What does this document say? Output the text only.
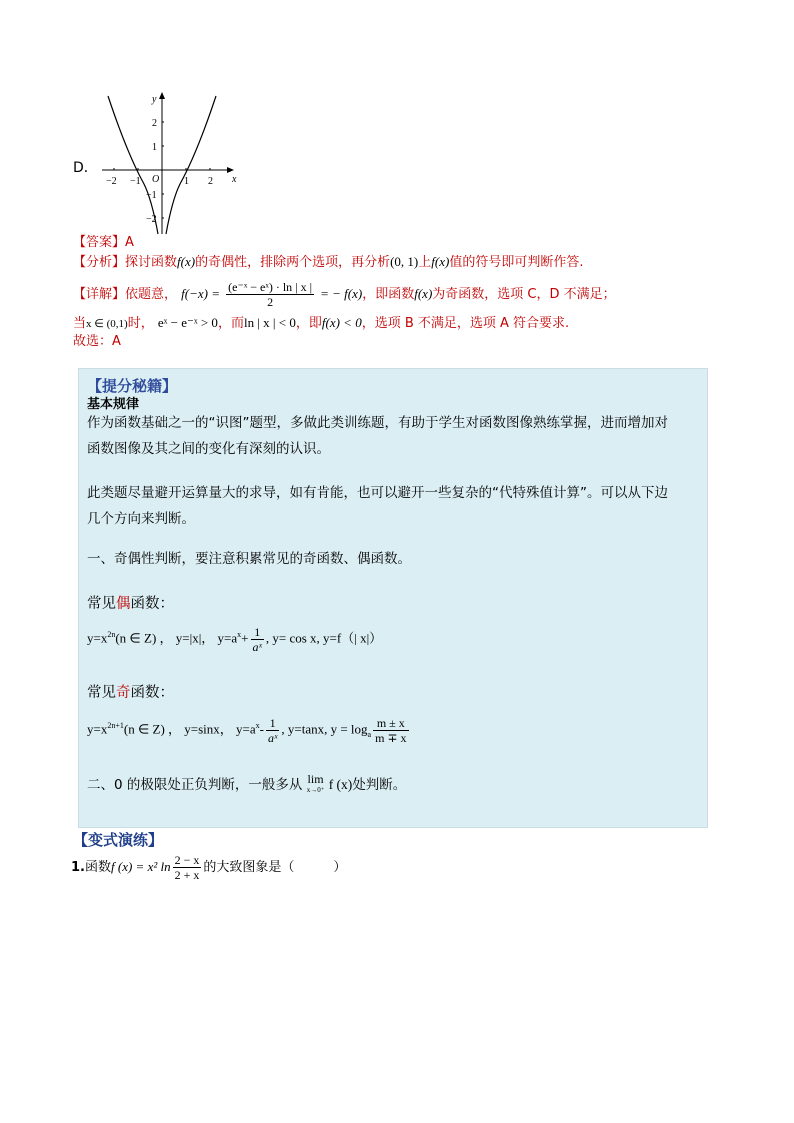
D．
x
y
O
−2 −1	1 2
2
1
−1
−2
【答案】A
【分析】探讨函数f(x)的奇偶性，排除两个选项，再分析(0, 1)上f(x)值的符号即可判断作答.
【详解】依题意， $f(-x) = \frac{\text{(e⁻ˣ − eˣ) · ln | x |}}{2}$ = − f(x)，即函数f(x)为奇函数，选项 C，D 不满足；
当x ∈ (0,1)时， eˣ − e⁻ˣ > 0，而ln | x | < 0，即f(x) < 0，选项 B 不满足，选项 A 符合要求.
故选：A
【提分秘籍】
基本规律
作为函数基础之一的“识图”题型，多做此类训练题，有助于学生对函数图像熟练掌握，进而增加对
函数图像及其之间的变化有深刻的认识。
此类题尽量避开运算量大的求导，如有肯能，也可以避开一些复杂的“代特殊值计算”。可以从下边
几个方向来判断。
一、奇偶性判断，要注意积累常见的奇函数、偶函数。
常见偶函数：
$y=x^{2n}(n$ ∈ Z) ， y=|x|， $y=a^x+ \frac{1}{\text{aˣ}}$ , y= cos x, y=f（| x|）
常见奇函数：
$y=x^{2n+1}(n$ ∈ Z) ， y=sinx， $y=a^x- \frac{1}{\text{aˣ}}$ , y=tanx, $y = \log_a \frac{m \pm x}{m \mp x}$
二、0 的极限处正负判断，一般多从 lim
x→0⁺ f (x)处判断。
【变式演练】
1.函数f (x) = x² $\ln \frac{2 - x}{2 + x}$ 的大致图象是（　　　）
